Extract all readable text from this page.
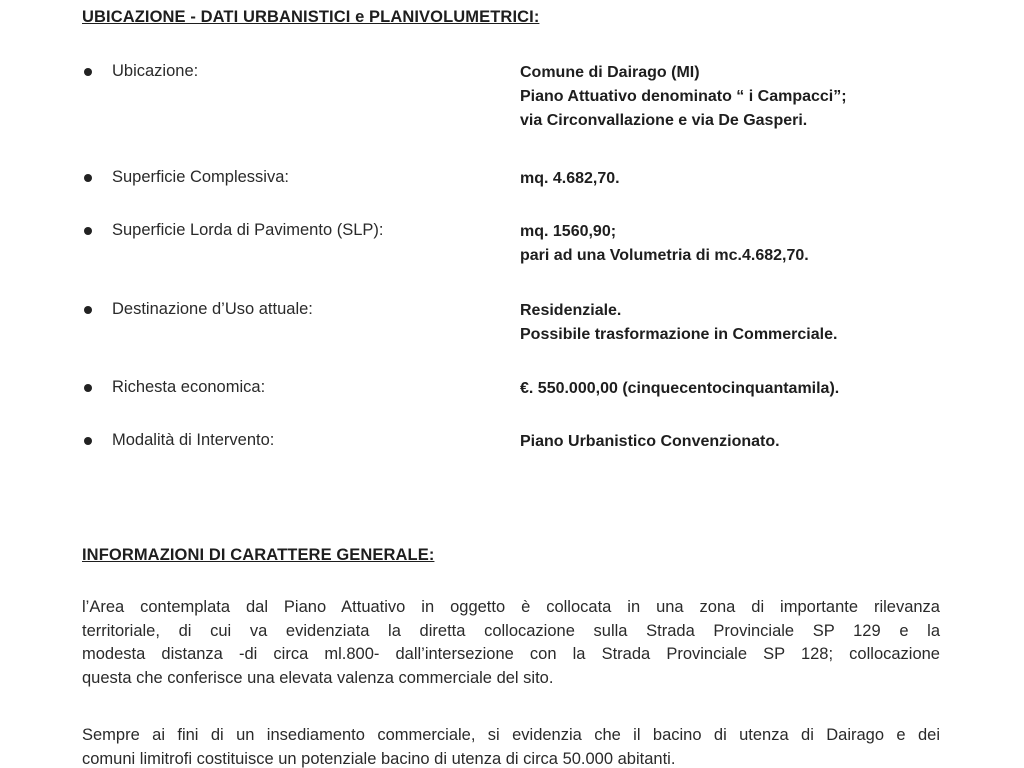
UBICAZIONE - DATI URBANISTICI e PLANIVOLUMETRICI:
Ubicazione:	Comune di Dairago (MI)
Piano Attuativo denominato “ i Campacci”;
via Circonvallazione e via De Gasperi.
Superficie Complessiva:	mq. 4.682,70.
Superficie Lorda di Pavimento (SLP):	mq. 1560,90;
pari ad una Volumetria di mc.4.682,70.
Destinazione d’Uso attuale:	Residenziale.
Possibile trasformazione in Commerciale.
Richesta economica:	€. 550.000,00 (cinquecentocinquantamila).
Modalità di Intervento:	Piano Urbanistico Convenzionato.
INFORMAZIONI DI CARATTERE GENERALE:
l’Area contemplata dal Piano Attuativo in oggetto è collocata in una zona di importante rilevanza
territoriale, di cui va evidenziata la diretta collocazione sulla Strada Provinciale SP 129 e la
modesta distanza -di circa ml.800- dall’intersezione con la Strada Provinciale SP 128; collocazione
questa che conferisce una elevata valenza commerciale del sito.
Sempre ai fini di un insediamento commerciale, si evidenzia che il bacino di utenza di Dairago e dei
comuni limitrofi costituisce un potenziale bacino di utenza di circa 50.000 abitanti.
